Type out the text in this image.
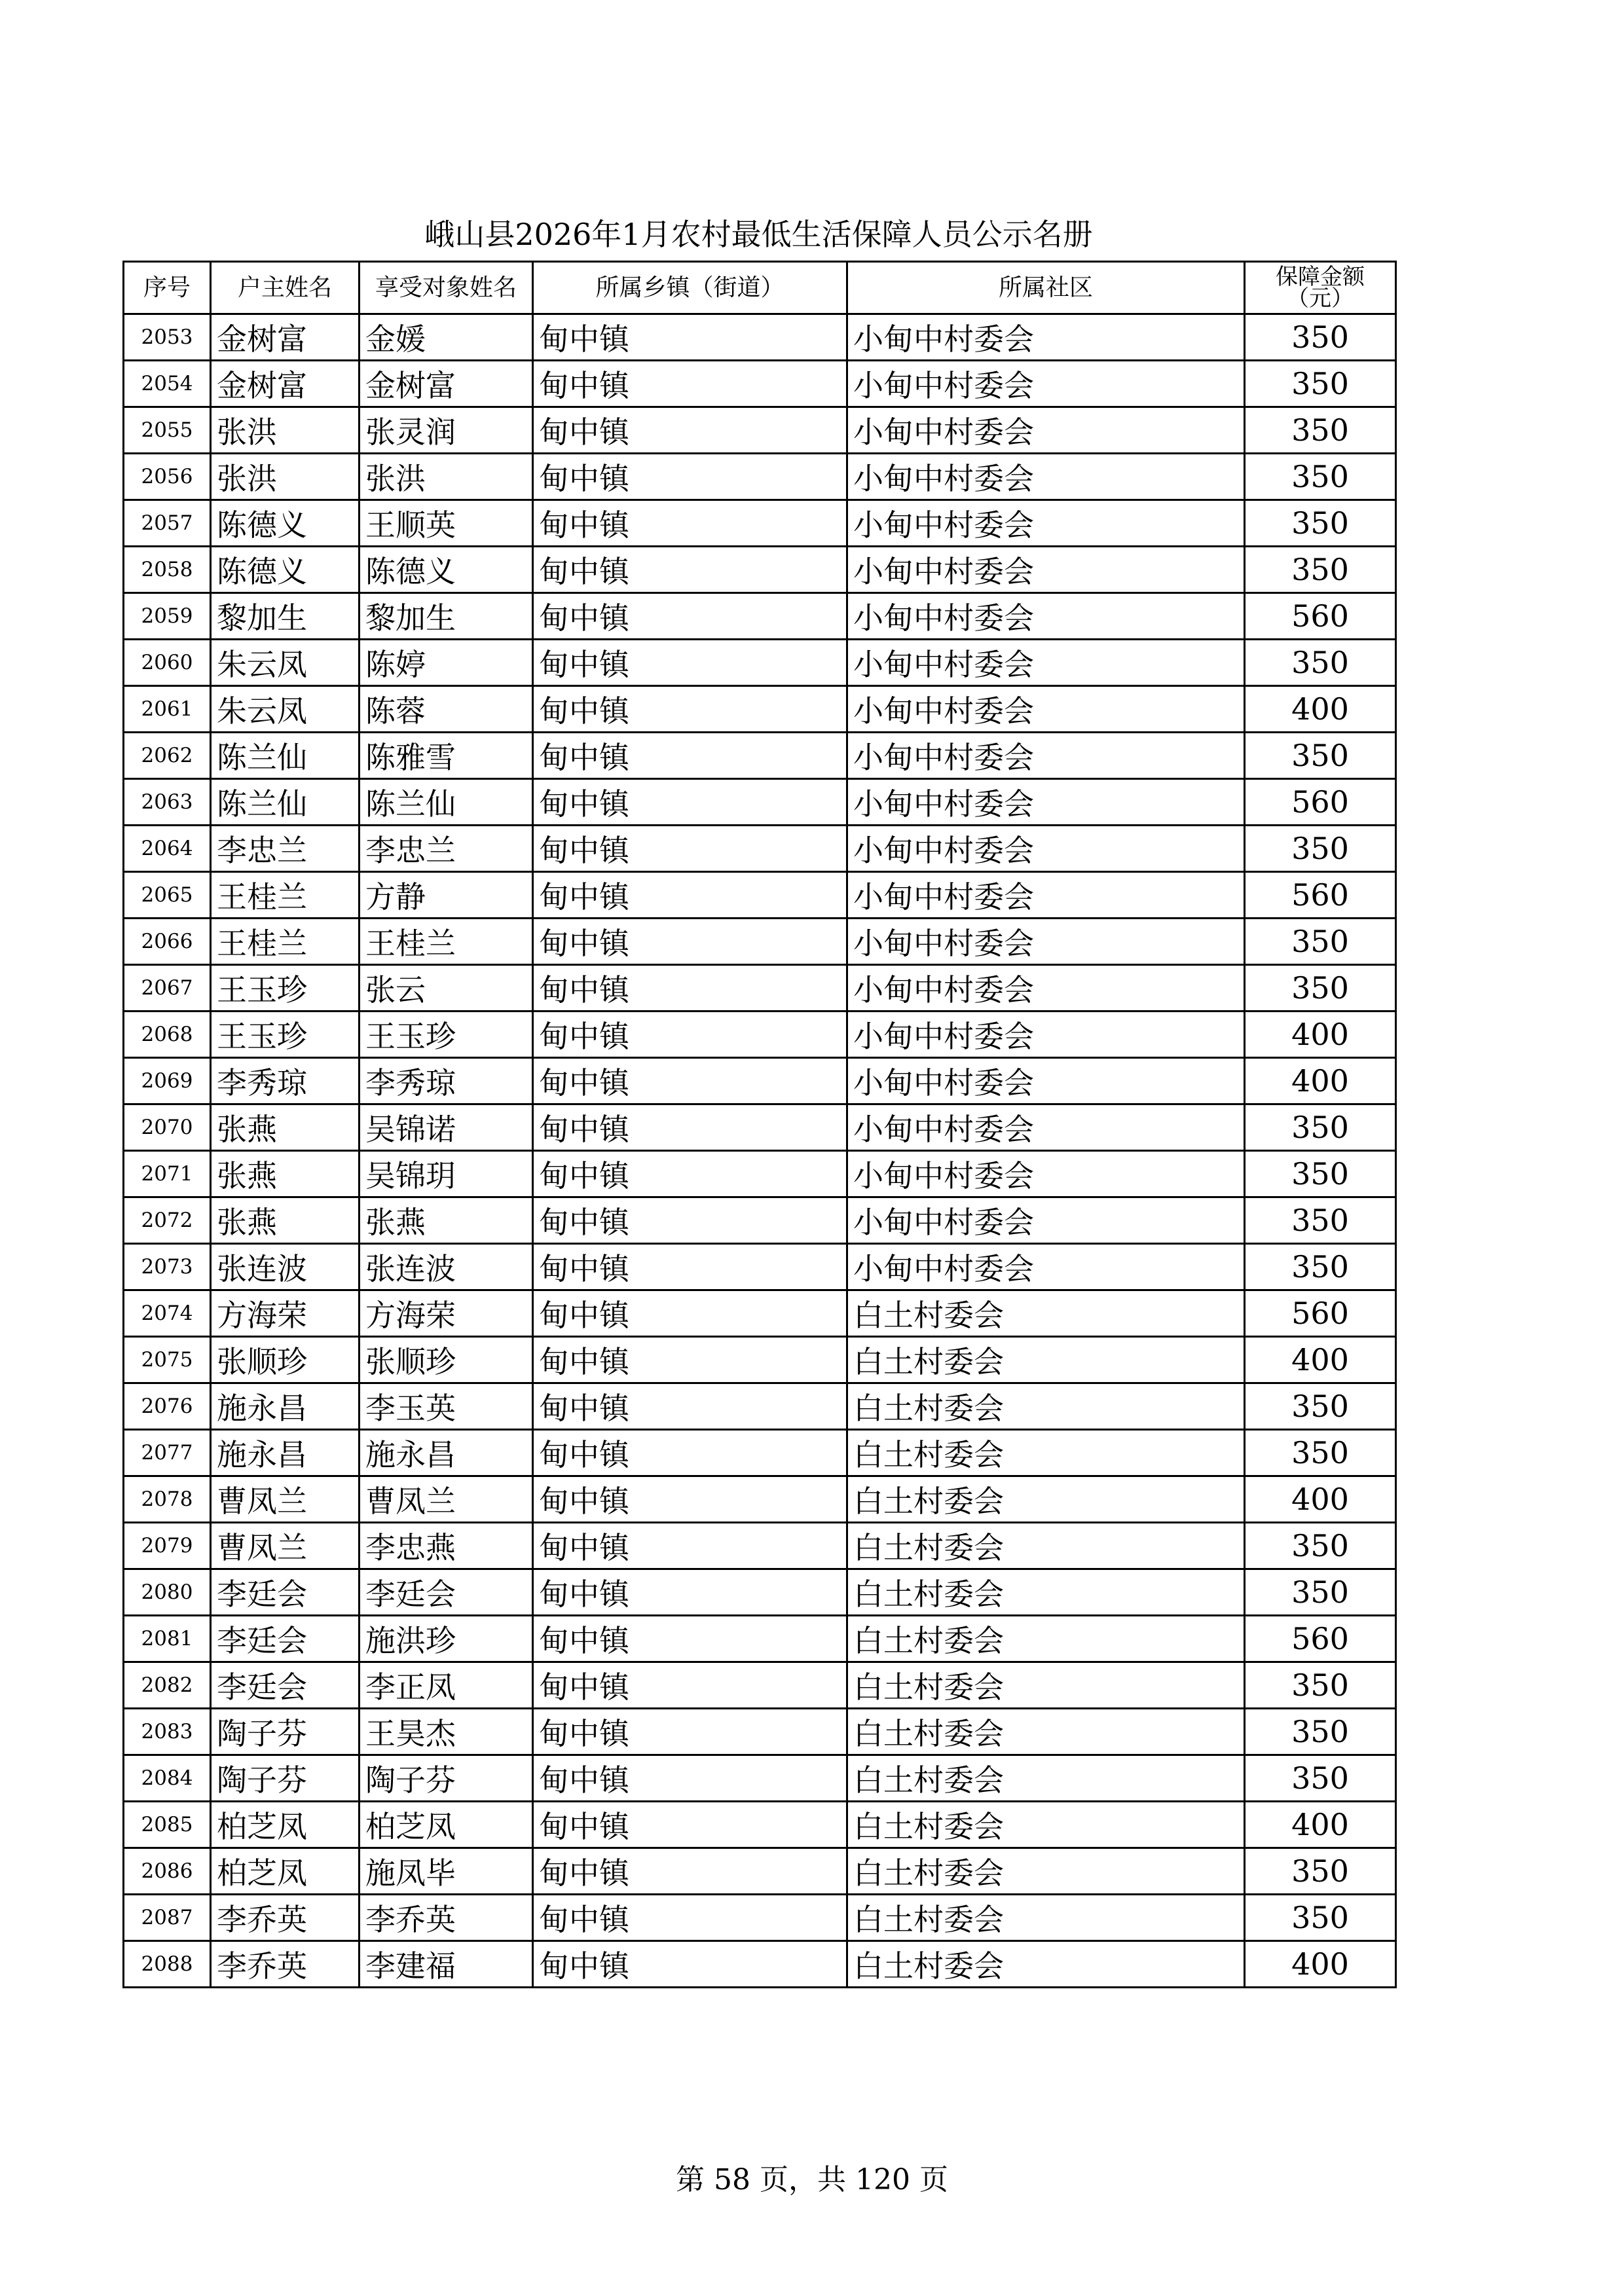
峨山县2026年1月农村最低生活保障人员公示名册
序号	户主姓名	享受对象姓名	所属乡镇（街道）	所属社区	保障金额
（元）
2053	金树富	金媛	甸中镇	小甸中村委会	350
2054	金树富	金树富	甸中镇	小甸中村委会	350
2055	张洪	张灵润	甸中镇	小甸中村委会	350
2056	张洪	张洪	甸中镇	小甸中村委会	350
2057	陈德义	王顺英	甸中镇	小甸中村委会	350
2058	陈德义	陈德义	甸中镇	小甸中村委会	350
2059	黎加生	黎加生	甸中镇	小甸中村委会	560
2060	朱云凤	陈婷	甸中镇	小甸中村委会	350
2061	朱云凤	陈蓉	甸中镇	小甸中村委会	400
2062	陈兰仙	陈雅雪	甸中镇	小甸中村委会	350
2063	陈兰仙	陈兰仙	甸中镇	小甸中村委会	560
2064	李忠兰	李忠兰	甸中镇	小甸中村委会	350
2065	王桂兰	方静	甸中镇	小甸中村委会	560
2066	王桂兰	王桂兰	甸中镇	小甸中村委会	350
2067	王玉珍	张云	甸中镇	小甸中村委会	350
2068	王玉珍	王玉珍	甸中镇	小甸中村委会	400
2069	李秀琼	李秀琼	甸中镇	小甸中村委会	400
2070	张燕	吴锦诺	甸中镇	小甸中村委会	350
2071	张燕	吴锦玥	甸中镇	小甸中村委会	350
2072	张燕	张燕	甸中镇	小甸中村委会	350
2073	张连波	张连波	甸中镇	小甸中村委会	350
2074	方海荣	方海荣	甸中镇	白土村委会	560
2075	张顺珍	张顺珍	甸中镇	白土村委会	400
2076	施永昌	李玉英	甸中镇	白土村委会	350
2077	施永昌	施永昌	甸中镇	白土村委会	350
2078	曹凤兰	曹凤兰	甸中镇	白土村委会	400
2079	曹凤兰	李忠燕	甸中镇	白土村委会	350
2080	李廷会	李廷会	甸中镇	白土村委会	350
2081	李廷会	施洪珍	甸中镇	白土村委会	560
2082	李廷会	李正凤	甸中镇	白土村委会	350
2083	陶子芬	王昊杰	甸中镇	白土村委会	350
2084	陶子芬	陶子芬	甸中镇	白土村委会	350
2085	柏芝凤	柏芝凤	甸中镇	白土村委会	400
2086	柏芝凤	施凤毕	甸中镇	白土村委会	350
2087	李乔英	李乔英	甸中镇	白土村委会	350
2088	李乔英	李建福	甸中镇	白土村委会	400
第 58 页，共 120 页
